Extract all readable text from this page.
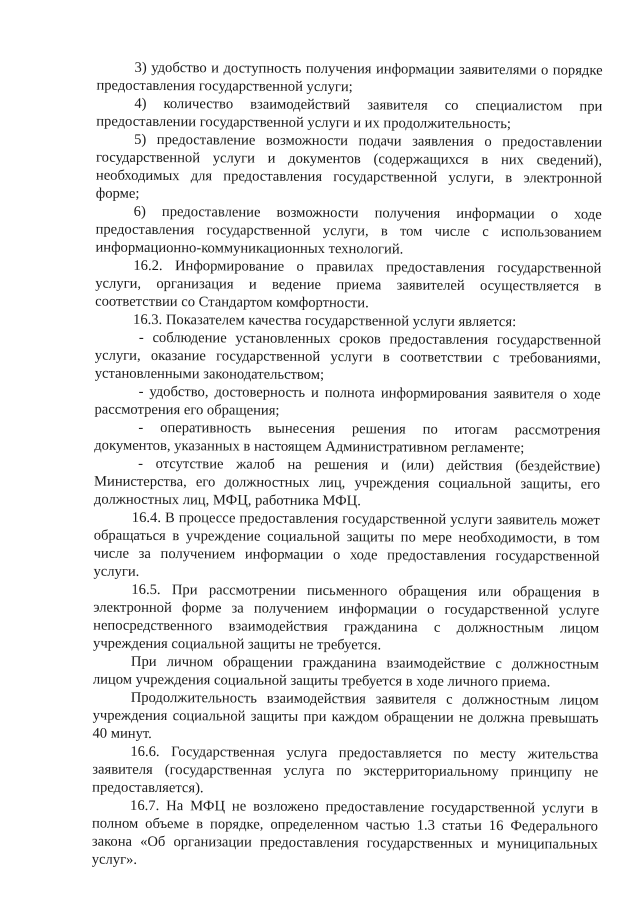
3) удобство и доступность получения информации заявителями о порядке предоставления государственной услуги;

4) количество взаимодействий заявителя со специалистом при предоставлении государственной услуги и их продолжительность;

5) предоставление возможности подачи заявления о предоставлении государственной услуги и документов (содержащихся в них сведений), необходимых для предоставления государственной услуги, в электронной форме;

6) предоставление возможности получения информации о ходе предоставления государственной услуги, в том числе с использованием информационно-коммуникационных технологий.

16.2. Информирование о правилах предоставления государственной услуги, организация и ведение приема заявителей осуществляется в соответствии со Стандартом комфортности.

16.3. Показателем качества государственной услуги является:

- соблюдение установленных сроков предоставления государственной услуги, оказание государственной услуги в соответствии с требованиями, установленными законодательством;

- удобство, достоверность и полнота информирования заявителя о ходе рассмотрения его обращения;

- оперативность вынесения решения по итогам рассмотрения документов, указанных в настоящем Административном регламенте;

- отсутствие жалоб на решения и (или) действия (бездействие) Министерства, его должностных лиц, учреждения социальной защиты, его должностных лиц, МФЦ, работника МФЦ.

16.4. В процессе предоставления государственной услуги заявитель может обращаться в учреждение социальной защиты по мере необходимости, в том числе за получением информации о ходе предоставления государственной услуги.

16.5. При рассмотрении письменного обращения или обращения в электронной форме за получением информации о государственной услуге непосредственного взаимодействия гражданина с должностным лицом учреждения социальной защиты не требуется.

При личном обращении гражданина взаимодействие с должностным лицом учреждения социальной защиты требуется в ходе личного приема.

Продолжительность взаимодействия заявителя с должностным лицом учреждения социальной защиты при каждом обращении не должна превышать 40 минут.

16.6. Государственная услуга предоставляется по месту жительства заявителя (государственная услуга по экстерриториальному принципу не предоставляется).

16.7. На МФЦ не возложено предоставление государственной услуги в полном объеме в порядке, определенном частью 1.3 статьи 16 Федерального закона «Об организации предоставления государственных и муниципальных услуг».
